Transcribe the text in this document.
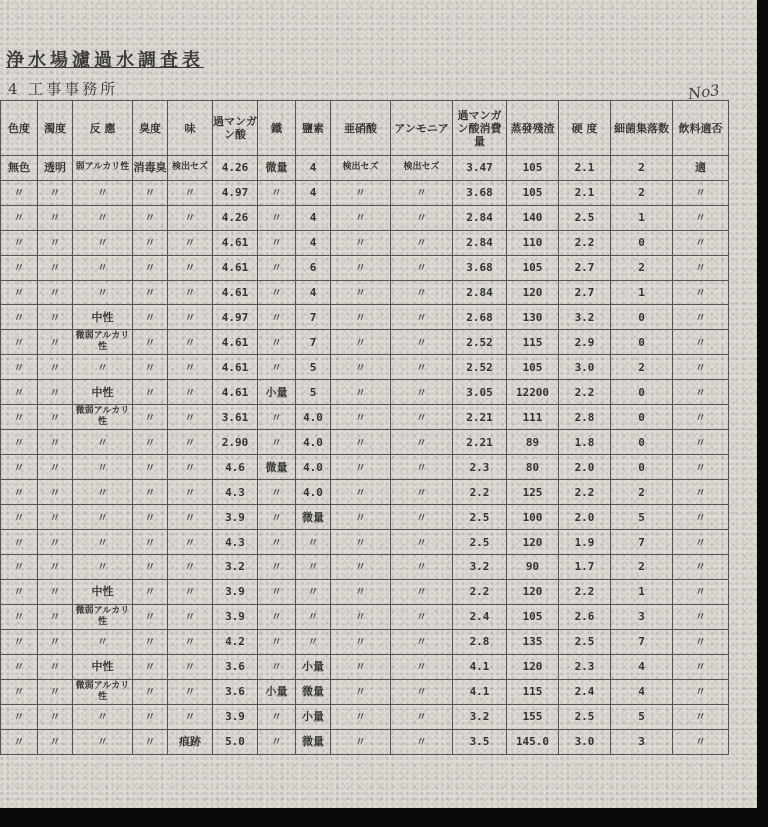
浄水場濾過水調査表
4 工事事務所	No3
色度	濁度	反 應	臭度	味	過マンガン酸	鐵	鹽素	亜硝酸	アンモニア	過マンガン酸消費量	蒸發殘渣	硬 度	細菌集落数	飲料適否
無色	透明	弱アルカリ性	消毒臭	検出セズ	4.26	微量	4	検出セズ	検出セズ	3.47	105	2.1	2	適
〃	〃	〃	〃	〃	4.97	〃	4	〃	〃	3.68	105	2.1	2	〃
〃	〃	〃	〃	〃	4.26	〃	4	〃	〃	2.84	140	2.5	1	〃
〃	〃	〃	〃	〃	4.61	〃	4	〃	〃	2.84	110	2.2	0	〃
〃	〃	〃	〃	〃	4.61	〃	6	〃	〃	3.68	105	2.7	2	〃
〃	〃	〃	〃	〃	4.61	〃	4	〃	〃	2.84	120	2.7	1	〃
〃	〃	中性	〃	〃	4.97	〃	7	〃	〃	2.68	130	3.2	0	〃
〃	〃	微弱アルカリ性	〃	〃	4.61	〃	7	〃	〃	2.52	115	2.9	0	〃
〃	〃	〃	〃	〃	4.61	〃	5	〃	〃	2.52	105	3.0	2	〃
〃	〃	中性	〃	〃	4.61	小量	5	〃	〃	3.05	12200	2.2	0	〃
〃	〃	微弱アルカリ性	〃	〃	3.61	〃	4.0	〃	〃	2.21	111	2.8	0	〃
〃	〃	〃	〃	〃	2.90	〃	4.0	〃	〃	2.21	89	1.8	0	〃
〃	〃	〃	〃	〃	4.6	微量	4.0	〃	〃	2.3	80	2.0	0	〃
〃	〃	〃	〃	〃	4.3	〃	4.0	〃	〃	2.2	125	2.2	2	〃
〃	〃	〃	〃	〃	3.9	〃	微量	〃	〃	2.5	100	2.0	5	〃
〃	〃	〃	〃	〃	4.3	〃	〃	〃	〃	2.5	120	1.9	7	〃
〃	〃	〃	〃	〃	3.2	〃	〃	〃	〃	3.2	90	1.7	2	〃
〃	〃	中性	〃	〃	3.9	〃	〃	〃	〃	2.2	120	2.2	1	〃
〃	〃	微弱アルカリ性	〃	〃	3.9	〃	〃	〃	〃	2.4	105	2.6	3	〃
〃	〃	〃	〃	〃	4.2	〃	〃	〃	〃	2.8	135	2.5	7	〃
〃	〃	中性	〃	〃	3.6	〃	小量	〃	〃	4.1	120	2.3	4	〃
〃	〃	微弱アルカリ性	〃	〃	3.6	小量	微量	〃	〃	4.1	115	2.4	4	〃
〃	〃	〃	〃	〃	3.9	〃	小量	〃	〃	3.2	155	2.5	5	〃
〃	〃	〃	〃	痕跡	5.0	〃	微量	〃	〃	3.5	145.0	3.0	3	〃
